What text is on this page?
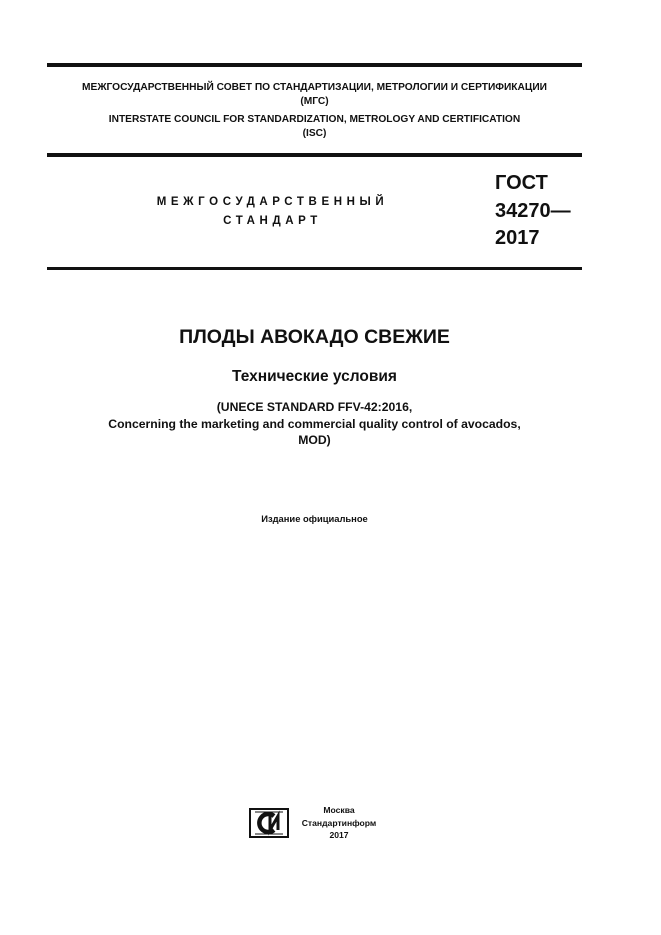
МЕЖГОСУДАРСТВЕННЫЙ СОВЕТ ПО СТАНДАРТИЗАЦИИ, МЕТРОЛОГИИ И СЕРТИФИКАЦИИ
(МГС)
INTERSTATE COUNCIL FOR STANDARDIZATION, METROLOGY AND CERTIFICATION
(ISC)
МЕЖГОСУДАРСТВЕННЫЙ
СТАНДАРТ
ГОСТ
34270—
2017
ПЛОДЫ АВОКАДО СВЕЖИЕ
Технические условия
(UNECE STANDARD FFV-42:2016,
Concerning the marketing and commercial quality control of avocados,
MOD)
Издание официальное
Москва
Стандартинформ
2017
